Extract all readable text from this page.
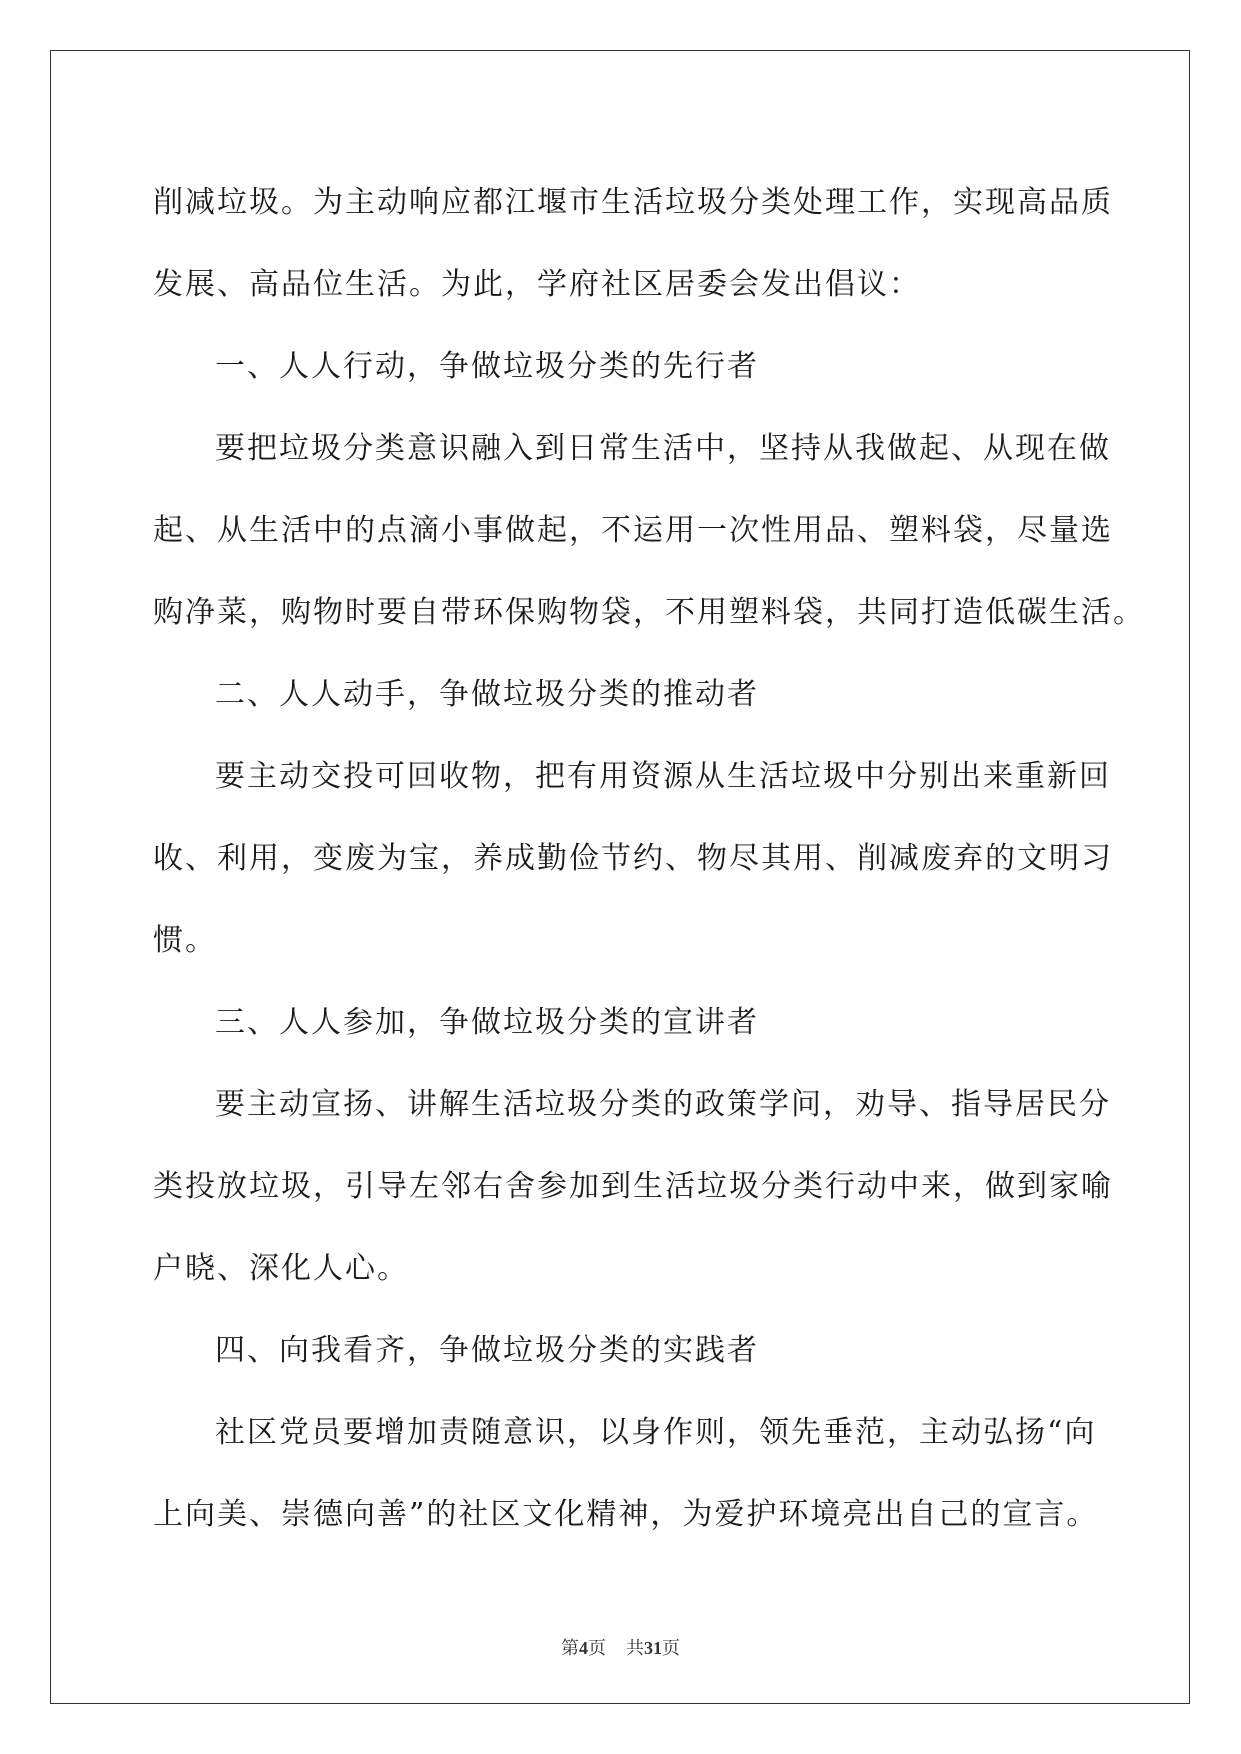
削减垃圾。为主动响应都江堰市生活垃圾分类处理工作，实现高品质
发展、高品位生活。为此，学府社区居委会发出倡议：
一、人人行动，争做垃圾分类的先行者
要把垃圾分类意识融入到日常生活中，坚持从我做起、从现在做
起、从生活中的点滴小事做起，不运用一次性用品、塑料袋，尽量选
购净菜，购物时要自带环保购物袋，不用塑料袋，共同打造低碳生活。
二、人人动手，争做垃圾分类的推动者
要主动交投可回收物，把有用资源从生活垃圾中分别出来重新回
收、利用，变废为宝，养成勤俭节约、物尽其用、削减废弃的文明习
惯。
三、人人参加，争做垃圾分类的宣讲者
要主动宣扬、讲解生活垃圾分类的政策学问，劝导、指导居民分
类投放垃圾，引导左邻右舍参加到生活垃圾分类行动中来，做到家喻
户晓、深化人心。
四、向我看齐，争做垃圾分类的实践者
社区党员要增加责随意识，以身作则，领先垂范，主动弘扬“向
上向美、崇德向善”的社区文化精神，为爱护环境亮出自己的宣言。
第4页 共31页
